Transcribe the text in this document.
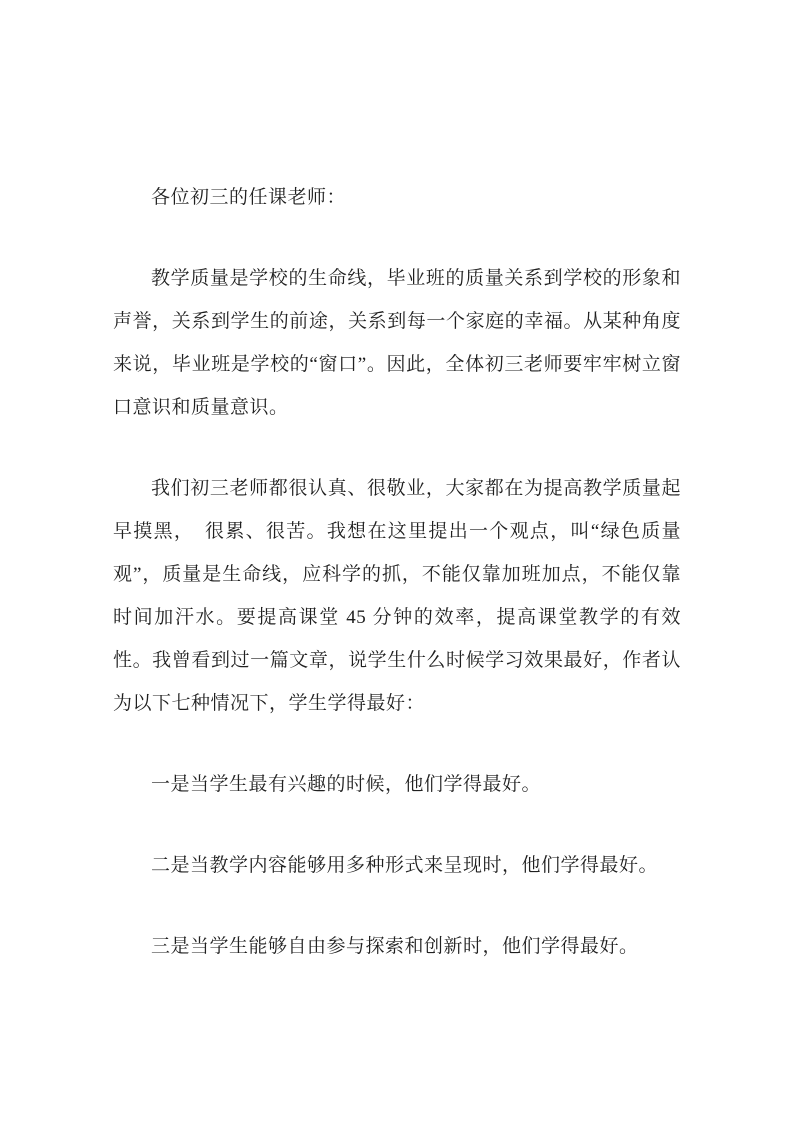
各位初三的任课老师：

教学质量是学校的生命线，毕业班的质量关系到学校的形象和声誉，关系到学生的前途，关系到每一个家庭的幸福。从某种角度来说，毕业班是学校的“窗口”。因此，全体初三老师要牢牢树立窗口意识和质量意识。

我们初三老师都很认真、很敬业，大家都在为提高教学质量起早摸黑，　很累、很苦。我想在这里提出一个观点，叫“绿色质量观”，质量是生命线，应科学的抓，不能仅靠加班加点，不能仅靠时间加汗水。要提高课堂 45 分钟的效率，提高课堂教学的有效性。我曾看到过一篇文章，说学生什么时候学习效果最好，作者认为以下七种情况下，学生学得最好：

一是当学生最有兴趣的时候，他们学得最好。

二是当教学内容能够用多种形式来呈现时，他们学得最好。

三是当学生能够自由参与探索和创新时，他们学得最好。
